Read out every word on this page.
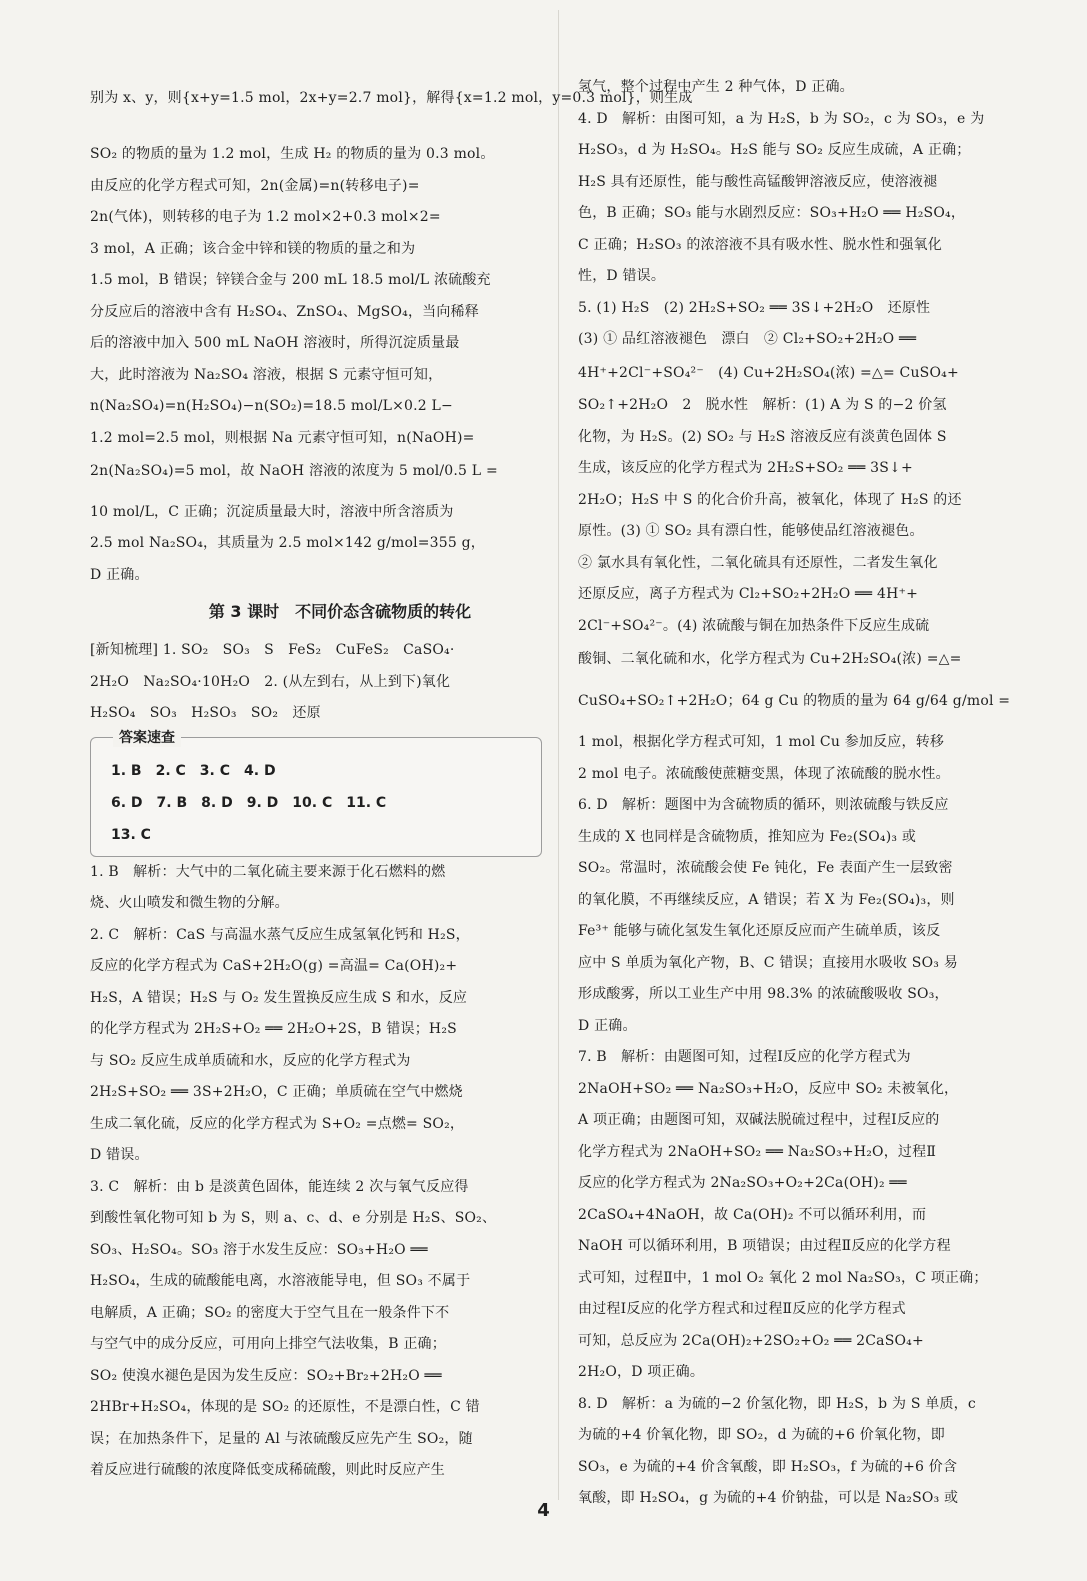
别为 x、y，则{x+y=1.5 mol，2x+y=2.7 mol}，解得{x=1.2 mol，y=0.3 mol}，则生成
SO₂ 的物质的量为 1.2 mol，生成 H₂ 的物质的量为 0.3 mol。
由反应的化学方程式可知，2n(金属)=n(转移电子)=
2n(气体)，则转移的电子为 1.2 mol×2+0.3 mol×2=
3 mol，A 正确；该合金中锌和镁的物质的量之和为
1.5 mol，B 错误；锌镁合金与 200 mL 18.5 mol/L 浓硫酸充
分反应后的溶液中含有 H₂SO₄、ZnSO₄、MgSO₄，当向稀释
后的溶液中加入 500 mL NaOH 溶液时，所得沉淀质量最
大，此时溶液为 Na₂SO₄ 溶液，根据 S 元素守恒可知，
n(Na₂SO₄)=n(H₂SO₄)−n(SO₂)=18.5 mol/L×0.2 L−
1.2 mol=2.5 mol，则根据 Na 元素守恒可知，n(NaOH)=
2n(Na₂SO₄)=5 mol，故 NaOH 溶液的浓度为 5 mol/0.5 L =
10 mol/L，C 正确；沉淀质量最大时，溶液中所含溶质为
2.5 mol Na₂SO₄，其质量为 2.5 mol×142 g/mol=355 g，
D 正确。
第 3 课时　不同价态含硫物质的转化
[新知梳理] 1. SO₂　SO₃　S　FeS₂　CuFeS₂　CaSO₄·
2H₂O　Na₂SO₄·10H₂O　2. (从左到右，从上到下)氧化
H₂SO₄　SO₃　H₂SO₃　SO₂　还原
答案速查
1. B　2. C　3. C　4. D
6. D　7. B　8. D　9. D　10. C　11. C
13. C
1. B　解析：大气中的二氧化硫主要来源于化石燃料的燃
烧、火山喷发和微生物的分解。
2. C　解析：CaS 与高温水蒸气反应生成氢氧化钙和 H₂S，
反应的化学方程式为 CaS+2H₂O(g) =高温= Ca(OH)₂+
H₂S，A 错误；H₂S 与 O₂ 发生置换反应生成 S 和水，反应
的化学方程式为 2H₂S+O₂ ══ 2H₂O+2S，B 错误；H₂S
与 SO₂ 反应生成单质硫和水，反应的化学方程式为
2H₂S+SO₂ ══ 3S+2H₂O，C 正确；单质硫在空气中燃烧
生成二氧化硫，反应的化学方程式为 S+O₂ =点燃= SO₂，
D 错误。
3. C　解析：由 b 是淡黄色固体，能连续 2 次与氧气反应得
到酸性氧化物可知 b 为 S，则 a、c、d、e 分别是 H₂S、SO₂、
SO₃、H₂SO₄。SO₃ 溶于水发生反应：SO₃+H₂O ══
H₂SO₄，生成的硫酸能电离，水溶液能导电，但 SO₃ 不属于
电解质，A 正确；SO₂ 的密度大于空气且在一般条件下不
与空气中的成分反应，可用向上排空气法收集，B 正确；
SO₂ 使溴水褪色是因为发生反应：SO₂+Br₂+2H₂O ══
2HBr+H₂SO₄，体现的是 SO₂ 的还原性，不是漂白性，C 错
误；在加热条件下，足量的 Al 与浓硫酸反应先产生 SO₂，随
着反应进行硫酸的浓度降低变成稀硫酸，则此时反应产生
氢气，整个过程中产生 2 种气体，D 正确。
4. D　解析：由图可知，a 为 H₂S，b 为 SO₂，c 为 SO₃，e 为
H₂SO₃，d 为 H₂SO₄。H₂S 能与 SO₂ 反应生成硫，A 正确；
H₂S 具有还原性，能与酸性高锰酸钾溶液反应，使溶液褪
色，B 正确；SO₃ 能与水剧烈反应：SO₃+H₂O ══ H₂SO₄，
C 正确；H₂SO₃ 的浓溶液不具有吸水性、脱水性和强氧化
性，D 错误。
5. (1) H₂S　(2) 2H₂S+SO₂ ══ 3S↓+2H₂O　还原性
(3) ① 品红溶液褪色　漂白　② Cl₂+SO₂+2H₂O ══
4H⁺+2Cl⁻+SO₄²⁻　(4) Cu+2H₂SO₄(浓) =△= CuSO₄+
SO₂↑+2H₂O　2　脱水性　解析：(1) A 为 S 的−2 价氢
化物，为 H₂S。(2) SO₂ 与 H₂S 溶液反应有淡黄色固体 S
生成，该反应的化学方程式为 2H₂S+SO₂ ══ 3S↓+
2H₂O；H₂S 中 S 的化合价升高，被氧化，体现了 H₂S 的还
原性。(3) ① SO₂ 具有漂白性，能够使品红溶液褪色。
② 氯水具有氧化性，二氧化硫具有还原性，二者发生氧化
还原反应，离子方程式为 Cl₂+SO₂+2H₂O ══ 4H⁺+
2Cl⁻+SO₄²⁻。(4) 浓硫酸与铜在加热条件下反应生成硫
酸铜、二氧化硫和水，化学方程式为 Cu+2H₂SO₄(浓) =△=
CuSO₄+SO₂↑+2H₂O；64 g Cu 的物质的量为 64 g/64 g/mol =
1 mol，根据化学方程式可知，1 mol Cu 参加反应，转移
2 mol 电子。浓硫酸使蔗糖变黑，体现了浓硫酸的脱水性。
6. D　解析：题图中为含硫物质的循环，则浓硫酸与铁反应
生成的 X 也同样是含硫物质，推知应为 Fe₂(SO₄)₃ 或
SO₂。常温时，浓硫酸会使 Fe 钝化，Fe 表面产生一层致密
的氧化膜，不再继续反应，A 错误；若 X 为 Fe₂(SO₄)₃，则
Fe³⁺ 能够与硫化氢发生氧化还原反应而产生硫单质，该反
应中 S 单质为氧化产物，B、C 错误；直接用水吸收 SO₃ 易
形成酸雾，所以工业生产中用 98.3% 的浓硫酸吸收 SO₃，
D 正确。
7. B　解析：由题图可知，过程Ⅰ反应的化学方程式为
2NaOH+SO₂ ══ Na₂SO₃+H₂O，反应中 SO₂ 未被氧化，
A 项正确；由题图可知，双碱法脱硫过程中，过程Ⅰ反应的
化学方程式为 2NaOH+SO₂ ══ Na₂SO₃+H₂O，过程Ⅱ
反应的化学方程式为 2Na₂SO₃+O₂+2Ca(OH)₂ ══
2CaSO₄+4NaOH，故 Ca(OH)₂ 不可以循环利用，而
NaOH 可以循环利用，B 项错误；由过程Ⅱ反应的化学方程
式可知，过程Ⅱ中，1 mol O₂ 氧化 2 mol Na₂SO₃，C 项正确；
由过程Ⅰ反应的化学方程式和过程Ⅱ反应的化学方程式
可知，总反应为 2Ca(OH)₂+2SO₂+O₂ ══ 2CaSO₄+
2H₂O，D 项正确。
8. D　解析：a 为硫的−2 价氢化物，即 H₂S，b 为 S 单质，c
为硫的+4 价氧化物，即 SO₂，d 为硫的+6 价氧化物，即
SO₃，e 为硫的+4 价含氧酸，即 H₂SO₃，f 为硫的+6 价含
氧酸，即 H₂SO₄，g 为硫的+4 价钠盐，可以是 Na₂SO₃ 或
4
